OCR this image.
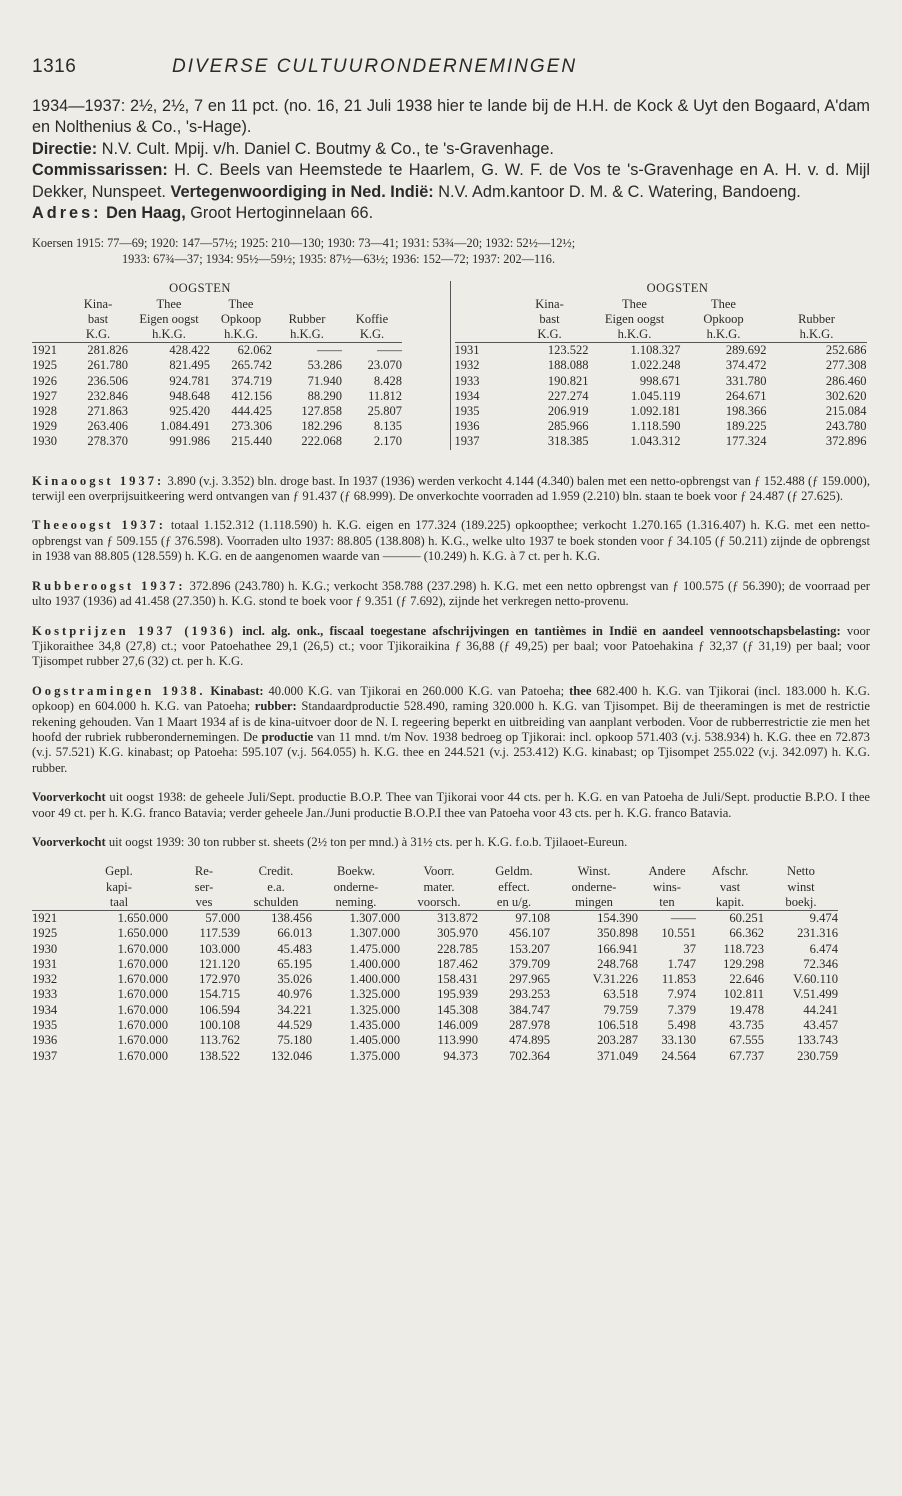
1316	DIVERSE CULTUURONDERNEMINGEN

1934—1937: 2½, 2½, 7 en 11 pct. (no. 16, 21 Juli 1938 hier te lande bij de H.H. de Kock & Uyt den Bogaard, A'dam en Nolthenius & Co., 's-Hage).

Directie: N.V. Cult. Mpij. v/h. Daniel C. Boutmy & Co., te 's-Gravenhage.

Commissarissen: H. C. Beels van Heemstede te Haarlem, G. W. F. de Vos te 's-Gravenhage en A. H. v. d. Mijl Dekker, Nunspeet. Vertegenwoordiging in Ned. Indië: N.V. Adm.kantoor D. M. & C. Watering, Bandoeng.

Adres: Den Haag, Groot Hertoginnelaan 66.

Koersen 1915: 77—69; 1920: 147—57½; 1925: 210—130; 1930: 73—41; 1931: 53¾—20; 1932: 52½—12½;
1933: 67¾—37; 1934: 95½—59½; 1935: 87½—63½; 1936: 152—72; 1937: 202—116.
		OOGSTEN			
	Kina-	Thee	Thee		
	bast	Eigen oogst	Opkoop	Rubber	Koffie
	K.G.	h.K.G.	h.K.G.	h.K.G.	K.G.
1921	281.826	428.422	62.062	——	——
1925	261.780	821.495	265.742	53.286	23.070
1926	236.506	924.781	374.719	71.940	8.428
1927	232.846	948.648	412.156	88.290	11.812
1928	271.863	925.420	444.425	127.858	25.807
1929	263.406	1.084.491	273.306	182.296	8.135
1930	278.370	991.986	215.440	222.068	2.170
		OOGSTEN		
	Kina-	Thee	Thee	
	bast	Eigen oogst	Opkoop	Rubber
	K.G.	h.K.G.	h.K.G.	h.K.G.
1931	123.522	1.108.327	289.692	252.686
1932	188.088	1.022.248	374.472	277.308
1933	190.821	998.671	331.780	286.460
1934	227.274	1.045.119	264.671	302.620
1935	206.919	1.092.181	198.366	215.084
1936	285.966	1.118.590	189.225	243.780
1937	318.385	1.043.312	177.324	372.896

Kinaoogst 1937: 3.890 (v.j. 3.352) bln. droge bast. In 1937 (1936) werden verkocht 4.144 (4.340) balen met een netto-opbrengst van ƒ 152.488 (ƒ 159.000), terwijl een overprijsuitkeering werd ontvangen van ƒ 91.437 (ƒ 68.999). De onverkochte voorraden ad 1.959 (2.210) bln. staan te boek voor ƒ 24.487 (ƒ 27.625).

Theeoogst 1937: totaal 1.152.312 (1.118.590) h. K.G. eigen en 177.324 (189.225) opkoopthee; verkocht 1.270.165 (1.316.407) h. K.G. met een netto-opbrengst van ƒ 509.155 (ƒ 376.598). Voorraden ulto 1937: 88.805 (138.808) h. K.G., welke ulto 1937 te boek stonden voor ƒ 34.105 (ƒ 50.211) zijnde de opbrengst in 1938 van 88.805 (128.559) h. K.G. en de aangenomen waarde van ——— (10.249) h. K.G. à 7 ct. per h. K.G.

Rubberoogst 1937: 372.896 (243.780) h. K.G.; verkocht 358.788 (237.298) h. K.G. met een netto opbrengst van ƒ 100.575 (ƒ 56.390); de voorraad per ulto 1937 (1936) ad 41.458 (27.350) h. K.G. stond te boek voor ƒ 9.351 (ƒ 7.692), zijnde het verkregen netto-provenu.

Kostprijzen 1937 (1936) incl. alg. onk., fiscaal toegestane afschrijvingen en tantièmes in Indië en aandeel vennootschapsbelasting: voor Tjikoraithee 34,8 (27,8) ct.; voor Patoehathee 29,1 (26,5) ct.; voor Tjikoraikina ƒ 36,88 (ƒ 49,25) per baal; voor Patoehakina ƒ 32,37 (ƒ 31,19) per baal; voor Tjisompet rubber 27,6 (32) ct. per h. K.G.

Oogstramingen 1938. Kinabast: 40.000 K.G. van Tjikorai en 260.000 K.G. van Patoeha; thee 682.400 h. K.G. van Tjikorai (incl. 183.000 h. K.G. opkoop) en 604.000 h. K.G. van Patoeha; rubber: Standaardproductie 528.490, raming 320.000 h. K.G. van Tjisompet. Bij de theeramingen is met de restrictie rekening gehouden. Van 1 Maart 1934 af is de kina-uitvoer door de N. I. regeering beperkt en uitbreiding van aanplant verboden. Voor de rubberrestrictie zie men het hoofd der rubriek rubberondernemingen. De productie van 11 mnd. t/m Nov. 1938 bedroeg op Tjikorai: incl. opkoop 571.403 (v.j. 538.934) h. K.G. thee en 72.873 (v.j. 57.521) K.G. kinabast; op Patoeha: 595.107 (v.j. 564.055) h. K.G. thee en 244.521 (v.j. 253.412) K.G. kinabast; op Tjisompet 255.022 (v.j. 342.097) h. K.G. rubber.

Voorverkocht uit oogst 1938: de geheele Juli/Sept. productie B.O.P. Thee van Tjikorai voor 44 cts. per h. K.G. en van Patoeha de Juli/Sept. productie B.P.O. I thee voor 49 ct. per h. K.G. franco Batavia; verder geheele Jan./Juni productie B.O.P.I thee van Patoeha voor 43 cts. per h. K.G. franco Batavia.

Voorverkocht uit oogst 1939: 30 ton rubber st. sheets (2½ ton per mnd.) à 31½ cts. per h. K.G. f.o.b. Tjilaoet-Eureun.

	Gepl.	Re-	Credit.	Boekw.	Voorr.	Geldm.	Winst.	Andere	Afschr.	Netto
	kapi-	ser-	e.a.	onderne-	mater.	effect.	onderne-	wins-	vast	winst
	taal	ves	schulden	neming.	voorsch.	en u/g.	mingen	ten	kapit.	boekj.
1921	1.650.000	57.000	138.456	1.307.000	313.872	97.108	154.390	——	60.251	9.474
1925	1.650.000	117.539	66.013	1.307.000	305.970	456.107	350.898	10.551	66.362	231.316
1930	1.670.000	103.000	45.483	1.475.000	228.785	153.207	166.941	37	118.723	6.474
1931	1.670.000	121.120	65.195	1.400.000	187.462	379.709	248.768	1.747	129.298	72.346
1932	1.670.000	172.970	35.026	1.400.000	158.431	297.965	V.31.226	11.853	22.646	V.60.110
1933	1.670.000	154.715	40.976	1.325.000	195.939	293.253	63.518	7.974	102.811	V.51.499
1934	1.670.000	106.594	34.221	1.325.000	145.308	384.747	79.759	7.379	19.478	44.241
1935	1.670.000	100.108	44.529	1.435.000	146.009	287.978	106.518	5.498	43.735	43.457
1936	1.670.000	113.762	75.180	1.405.000	113.990	474.895	203.287	33.130	67.555	133.743
1937	1.670.000	138.522	132.046	1.375.000	94.373	702.364	371.049	24.564	67.737	230.759
